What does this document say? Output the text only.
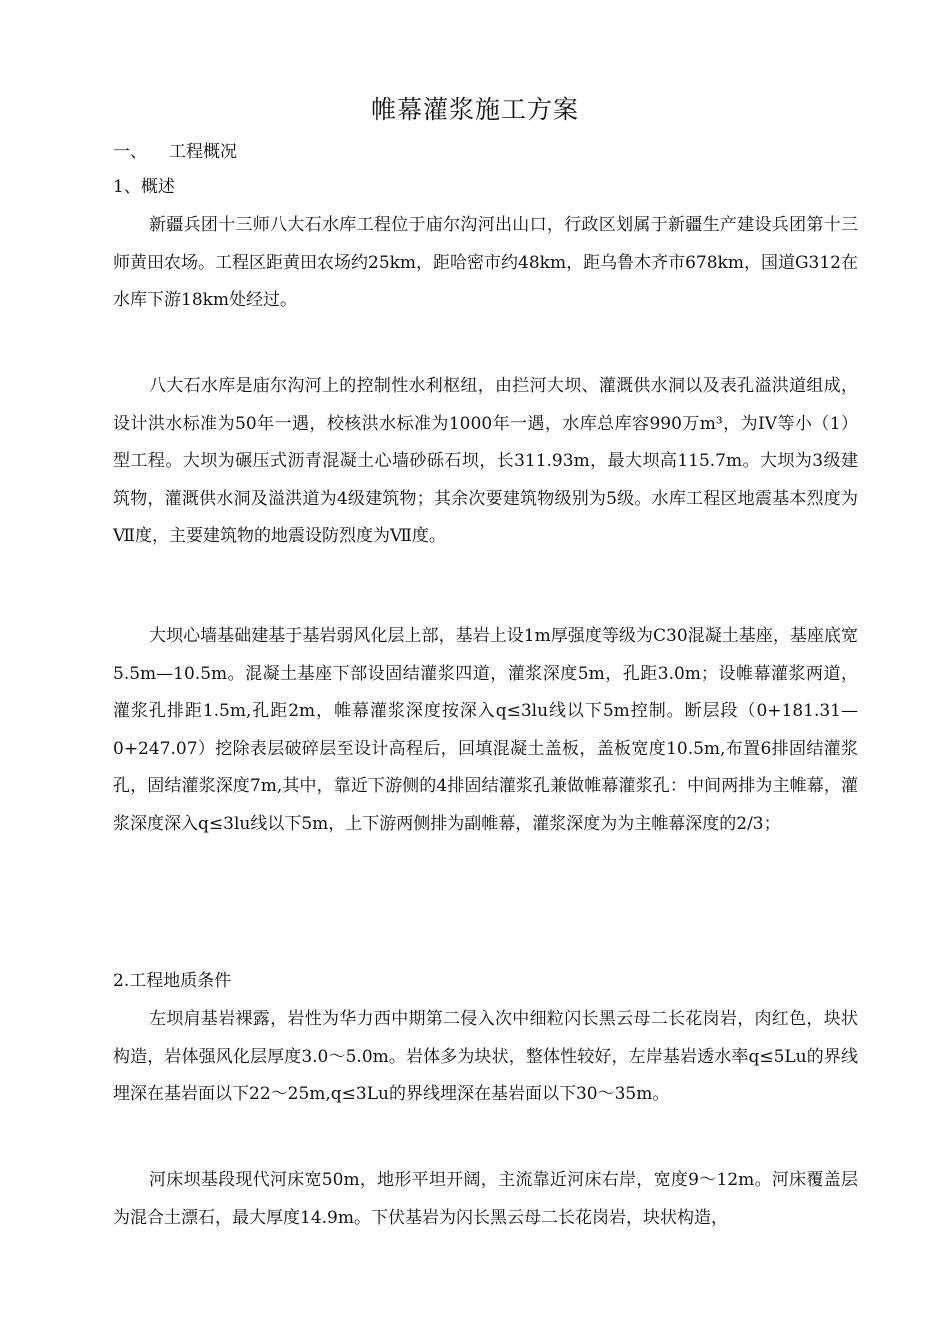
帷幕灌浆施工方案
一、 工程概况
1、概述

新疆兵团十三师八大石水库工程位于庙尔沟河出山口，行政区划属于新疆生产建设兵团第十三师黄田农场。工程区距黄田农场约25km，距哈密市约48km，距乌鲁木齐市678km，国道G312在水库下游18km处经过。

八大石水库是庙尔沟河上的控制性水利枢纽，由拦河大坝、灌溉供水洞以及表孔溢洪道组成，设计洪水标准为50年一遇，校核洪水标准为1000年一遇，水库总库容990万m³，为IV等小（1）型工程。大坝为碾压式沥青混凝土心墙砂砾石坝，长311.93m，最大坝高115.7m。大坝为3级建筑物，灌溉供水洞及溢洪道为4级建筑物；其余次要建筑物级别为5级。水库工程区地震基本烈度为Ⅶ度，主要建筑物的地震设防烈度为Ⅶ度。

大坝心墙基础建基于基岩弱风化层上部，基岩上设1m厚强度等级为C30混凝土基座，基座底宽5.5m—10.5m。混凝土基座下部设固结灌浆四道，灌浆深度5m，孔距3.0m；设帷幕灌浆两道，灌浆孔排距1.5m,孔距2m，帷幕灌浆深度按深入q≤3lu线以下5m控制。断层段（0+181.31—0+247.07）挖除表层破碎层至设计高程后，回填混凝土盖板，盖板宽度10.5m,布置6排固结灌浆孔，固结灌浆深度7m,其中，靠近下游侧的4排固结灌浆孔兼做帷幕灌浆孔：中间两排为主帷幕，灌浆深度深入q≤3lu线以下5m，上下游两侧排为副帷幕，灌浆深度为为主帷幕深度的2/3；

2.工程地质条件

左坝肩基岩裸露，岩性为华力西中期第二侵入次中细粒闪长黑云母二长花岗岩，肉红色，块状构造，岩体强风化层厚度3.0～5.0m。岩体多为块状，整体性较好，左岸基岩透水率q≤5Lu的界线埋深在基岩面以下22～25m,q≤3Lu的界线埋深在基岩面以下30～35m。

河床坝基段现代河床宽50m，地形平坦开阔，主流靠近河床右岸，宽度9～12m。河床覆盖层为混合土漂石，最大厚度14.9m。下伏基岩为闪长黑云母二长花岗岩，块状构造，
